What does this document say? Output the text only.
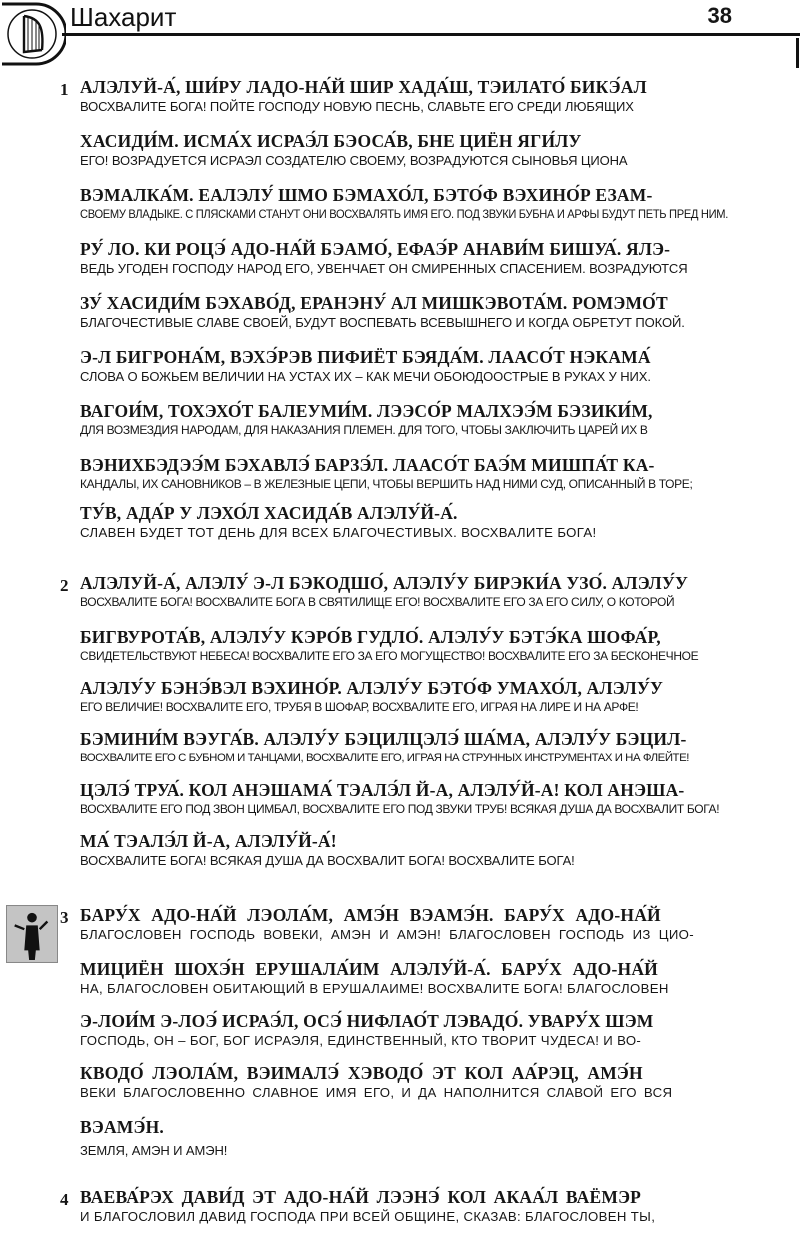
Шахарит	38
1 АЛЭЛУЙ-А́, ШИ́РУ ЛАДО-НА́Й ШИР ХАДА́Ш, ТЭИЛАТО́ БИКЭ́АЛ
ВОСХВАЛИТЕ БОГА! ПОЙТЕ ГОСПОДУ НОВУЮ ПЕСНЬ, СЛАВЬТЕ ЕГО СРЕДИ ЛЮБЯЩИХ
ХАСИДИ́М. ИСМА́Х ИСРАЭ́Л БЭОСА́В, БНЕ ЦИЁН ЯГИ́ЛУ
ЕГО! ВОЗРАДУЕТСЯ ИСРАЭЛ СОЗДАТЕЛЮ СВОЕМУ, ВОЗРАДУЮТСЯ СЫНОВЬЯ ЦИОНА
ВЭМАЛКА́М. ЕАЛЭЛУ́ ШМО БЭМАХО́Л, БЭТО́Ф ВЭХИНО́Р ЕЗАМ-
СВОЕМУ ВЛАДЫКЕ. С ПЛЯСКАМИ СТАНУТ ОНИ ВОСХВАЛЯТЬ ИМЯ ЕГО. ПОД ЗВУКИ БУБНА И АРФЫ БУДУТ ПЕТЬ ПРЕД НИМ.
РУ́ ЛО. КИ РОЦЭ́ АДО-НА́Й БЭАМО́, ЕФАЭ́Р АНАВИ́М БИШУА́. ЯЛЭ-
ВЕДЬ УГОДЕН ГОСПОДУ НАРОД ЕГО, УВЕНЧАЕТ ОН СМИРЕННЫХ СПАСЕНИЕМ. ВОЗРАДУЮТСЯ
ЗУ́ ХАСИДИ́М БЭХАВО́Д, ЕРАНЭНУ́ АЛ МИШКЭВОТА́М. РОМЭМО́Т
БЛАГОЧЕСТИВЫЕ СЛАВЕ СВОЕЙ, БУДУТ ВОСПЕВАТЬ ВСЕВЫШНЕГО И КОГДА ОБРЕТУТ ПОКОЙ.
Э-Л БИГРОНА́М, ВЭХЭ́РЭВ ПИФИЁТ БЭЯДА́М. ЛААСО́Т НЭКАМА́
СЛОВА О БОЖЬЕМ ВЕЛИЧИИ НА УСТАХ ИХ – КАК МЕЧИ ОБОЮДООСТРЫЕ В РУКАХ У НИХ.
ВАГОИ́М, ТОХЭХО́Т БАЛЕУМИ́М. ЛЭЭСО́Р МАЛХЭЭ́М БЭЗИКИ́М,
ДЛЯ ВОЗМЕЗДИЯ НАРОДАМ, ДЛЯ НАКАЗАНИЯ ПЛЕМЕН. ДЛЯ ТОГО, ЧТОБЫ ЗАКЛЮЧИТЬ ЦАРЕЙ ИХ В
ВЭНИХБЭДЭЭ́М БЭХАВЛЭ́ БАРЗЭ́Л. ЛААСО́Т БАЭ́М МИШПА́Т КА-
КАНДАЛЫ, ИХ САНОВНИКОВ – В ЖЕЛЕЗНЫЕ ЦЕПИ, ЧТОБЫ ВЕРШИТЬ НАД НИМИ СУД, ОПИСАННЫЙ В ТОРЕ;
ТУ́В, АДА́Р У ЛЭХО́Л ХАСИДА́В АЛЭЛУ́Й-А́.
СЛАВЕН БУДЕТ ТОТ ДЕНЬ ДЛЯ ВСЕХ БЛАГОЧЕСТИВЫХ. ВОСХВАЛИТЕ БОГА!
2 АЛЭЛУЙ-А́, АЛЭЛУ́ Э-Л БЭКОДШО́, АЛЭЛУ́У БИРЭКИ́А УЗО́. АЛЭЛУ́У
ВОСХВАЛИТЕ БОГА! ВОСХВАЛИТЕ БОГА В СВЯТИЛИЩЕ ЕГО! ВОСХВАЛИТЕ ЕГО ЗА ЕГО СИЛУ, О КОТОРОЙ
БИГВУРОТА́В, АЛЭЛУ́У КЭРО́В ГУДЛО́. АЛЭЛУ́У БЭТЭ́КА ШОФА́Р,
СВИДЕТЕЛЬСТВУЮТ НЕБЕСА! ВОСХВАЛИТЕ ЕГО ЗА ЕГО МОГУЩЕСТВО! ВОСХВАЛИТЕ ЕГО ЗА БЕСКОНЕЧНОЕ
АЛЭЛУ́У БЭНЭ́ВЭЛ ВЭХИНО́Р. АЛЭЛУ́У БЭТО́Ф УМАХО́Л, АЛЭЛУ́У
ЕГО ВЕЛИЧИЕ! ВОСХВАЛИТЕ ЕГО, ТРУБЯ В ШОФАР, ВОСХВАЛИТЕ ЕГО, ИГРАЯ НА ЛИРЕ И НА АРФЕ!
БЭМИНИ́М ВЭУГА́В. АЛЭЛУ́У БЭЦИЛЦЭЛЭ́ ША́МА, АЛЭЛУ́У БЭЦИЛ-
ВОСХВАЛИТЕ ЕГО С БУБНОМ И ТАНЦАМИ, ВОСХВАЛИТЕ ЕГО, ИГРАЯ НА СТРУННЫХ ИНСТРУМЕНТАХ И НА ФЛЕЙТЕ!
ЦЭЛЭ́ ТРУА́. КОЛ АНЭШАМА́ ТЭАЛЭ́Л Й-А, АЛЭЛУ́Й-А! КОЛ АНЭША-
ВОСХВАЛИТЕ ЕГО ПОД ЗВОН ЦИМБАЛ, ВОСХВАЛИТЕ ЕГО ПОД ЗВУКИ ТРУБ! ВСЯКАЯ ДУША ДА ВОСХВАЛИТ БОГА!
МА́ ТЭАЛЭ́Л Й-А, АЛЭЛУ́Й-А́!
ВОСХВАЛИТЕ БОГА! ВСЯКАЯ ДУША ДА ВОСХВАЛИТ БОГА! ВОСХВАЛИТЕ БОГА!
3 БАРУ́Х АДО-НА́Й ЛЭОЛА́М, АМЭ́Н ВЭАМЭ́Н. БАРУ́Х АДО-НА́Й
БЛАГОСЛОВЕН ГОСПОДЬ ВОВЕКИ, АМЭН И АМЭН! БЛАГОСЛОВЕН ГОСПОДЬ ИЗ ЦИО-
МИЦИЁН ШОХЭ́Н ЕРУШАЛА́ИМ АЛЭЛУ́Й-А́. БАРУ́Х АДО-НА́Й
НА, БЛАГОСЛОВЕН ОБИТАЮЩИЙ В ЕРУШАЛАИМЕ! ВОСХВАЛИТЕ БОГА! БЛАГОСЛОВЕН
Э-ЛОИ́М Э-ЛОЭ́ ИСРАЭ́Л, ОСЭ́ НИФЛАО́Т ЛЭВАДО́. УВАРУ́Х ШЭМ
ГОСПОДЬ, ОН – БОГ, БОГ ИСРАЭЛЯ, ЕДИНСТВЕННЫЙ, КТО ТВОРИТ ЧУДЕСА! И ВО-
КВОДО́ ЛЭОЛА́М, ВЭИМАЛЭ́ ХЭВОДО́ ЭТ КОЛ АА́РЭЦ, АМЭ́Н
ВЕКИ БЛАГОСЛОВЕННО СЛАВНОЕ ИМЯ ЕГО, И ДА НАПОЛНИТСЯ СЛАВОЙ ЕГО ВСЯ
ВЭАМЭ́Н.
ЗЕМЛЯ, АМЭН И АМЭН!
4 ВАЕВА́РЭХ ДАВИ́Д ЭТ АДО-НА́Й ЛЭЭНЭ́ КОЛ АКАА́Л ВАЁМЭР
И БЛАГОСЛОВИЛ ДАВИД ГОСПОДА ПРИ ВСЕЙ ОБЩИНЕ, СКАЗАВ: БЛАГОСЛОВЕН ТЫ,
